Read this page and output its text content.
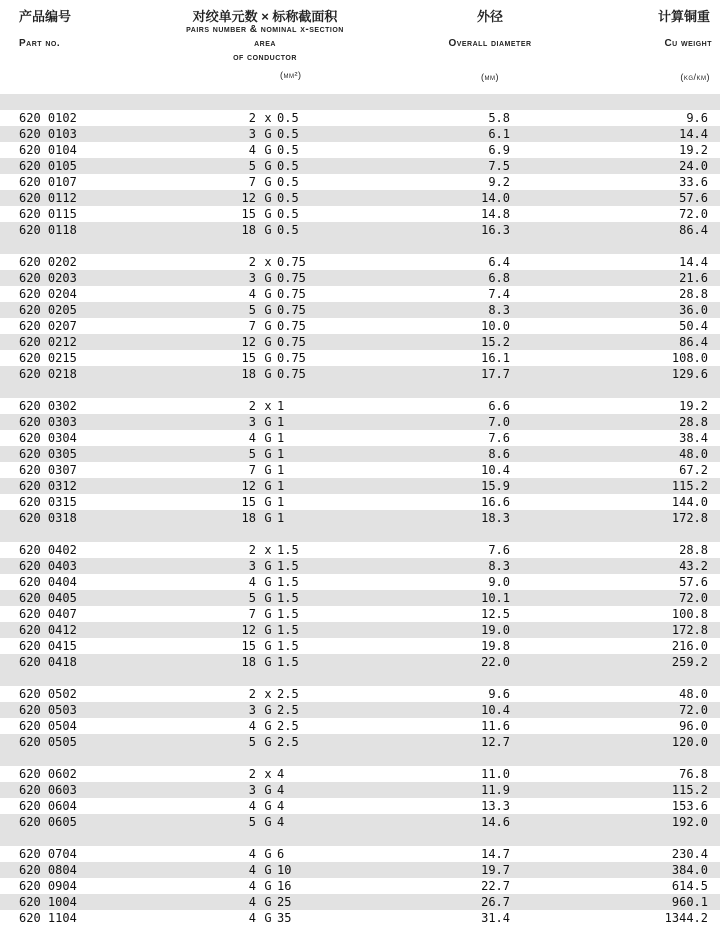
产品编号
Part no.
对绞单元数 × 标称截面积
pairs number & nominal x-section
area
of conductor
(mm²)
外径
Overall diameter
(mm)
计算铜重
Cu weight
(kg/km)
620 0102	2 x 0.5	5.8	9.6
620 0103	3 G 0.5	6.1	14.4
620 0104	4 G 0.5	6.9	19.2
620 0105	5 G 0.5	7.5	24.0
620 0107	7 G 0.5	9.2	33.6
620 0112	12 G 0.5	14.0	57.6
620 0115	15 G 0.5	14.8	72.0
620 0118	18 G 0.5	16.3	86.4
620 0202	2 x 0.75	6.4	14.4
620 0203	3 G 0.75	6.8	21.6
620 0204	4 G 0.75	7.4	28.8
620 0205	5 G 0.75	8.3	36.0
620 0207	7 G 0.75	10.0	50.4
620 0212	12 G 0.75	15.2	86.4
620 0215	15 G 0.75	16.1	108.0
620 0218	18 G 0.75	17.7	129.6
620 0302	2 x 1	6.6	19.2
620 0303	3 G 1	7.0	28.8
620 0304	4 G 1	7.6	38.4
620 0305	5 G 1	8.6	48.0
620 0307	7 G 1	10.4	67.2
620 0312	12 G 1	15.9	115.2
620 0315	15 G 1	16.6	144.0
620 0318	18 G 1	18.3	172.8
620 0402	2 x 1.5	7.6	28.8
620 0403	3 G 1.5	8.3	43.2
620 0404	4 G 1.5	9.0	57.6
620 0405	5 G 1.5	10.1	72.0
620 0407	7 G 1.5	12.5	100.8
620 0412	12 G 1.5	19.0	172.8
620 0415	15 G 1.5	19.8	216.0
620 0418	18 G 1.5	22.0	259.2
620 0502	2 x 2.5	9.6	48.0
620 0503	3 G 2.5	10.4	72.0
620 0504	4 G 2.5	11.6	96.0
620 0505	5 G 2.5	12.7	120.0
620 0602	2 x 4	11.0	76.8
620 0603	3 G 4	11.9	115.2
620 0604	4 G 4	13.3	153.6
620 0605	5 G 4	14.6	192.0
620 0704	4 G 6	14.7	230.4
620 0804	4 G 10	19.7	384.0
620 0904	4 G 16	22.7	614.5
620 1004	4 G 25	26.7	960.1
620 1104	4 G 35	31.4	1344.2
